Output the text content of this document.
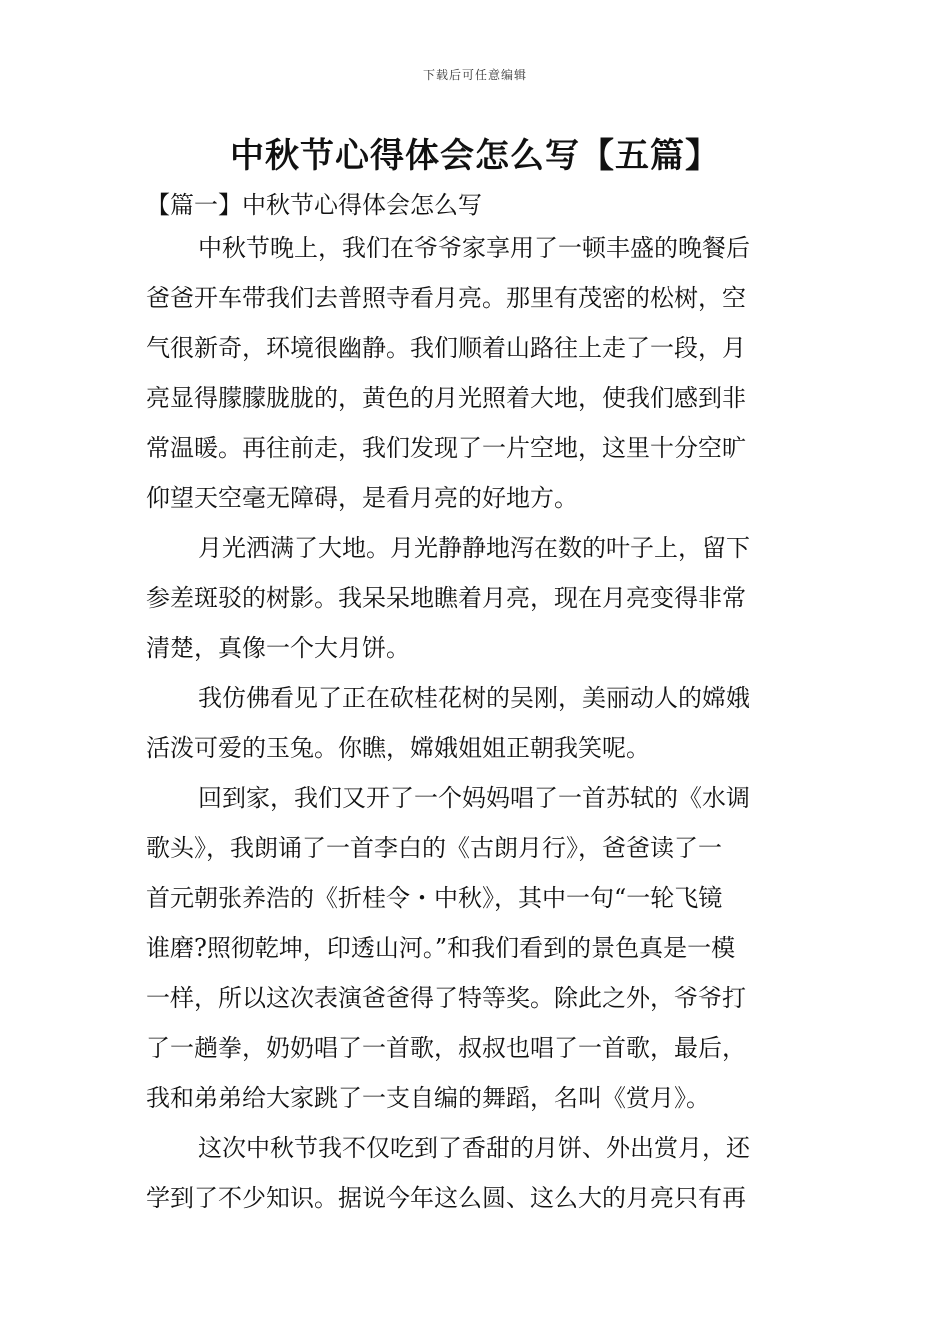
下载后可任意编辑
中秋节心得体会怎么写【五篇】
【篇一】中秋节心得体会怎么写
中秋节晚上，我们在爷爷家享用了一顿丰盛的晚餐后
爸爸开车带我们去普照寺看月亮。那里有茂密的松树，空
气很新奇，环境很幽静。我们顺着山路往上走了一段，月
亮显得朦朦胧胧的，黄色的月光照着大地，使我们感到非
常温暖。再往前走，我们发现了一片空地，这里十分空旷
仰望天空毫无障碍，是看月亮的好地方。
月光洒满了大地。月光静静地泻在数的叶子上，留下
参差斑驳的树影。我呆呆地瞧着月亮，现在月亮变得非常
清楚，真像一个大月饼。
我仿佛看见了正在砍桂花树的吴刚，美丽动人的嫦娥
活泼可爱的玉兔。你瞧，嫦娥姐姐正朝我笑呢。
回到家，我们又开了一个妈妈唱了一首苏轼的《水调
歌头》，我朗诵了一首李白的《古朗月行》，爸爸读了一
首元朝张养浩的《折桂令・中秋》，其中一句“一轮飞镜
谁磨?照彻乾坤，印透山河。”和我们看到的景色真是一模
一样，所以这次表演爸爸得了特等奖。除此之外，爷爷打
了一趟拳，奶奶唱了一首歌，叔叔也唱了一首歌，最后，
我和弟弟给大家跳了一支自编的舞蹈，名叫《赏月》。
这次中秋节我不仅吃到了香甜的月饼、外出赏月，还
学到了不少知识。据说今年这么圆、这么大的月亮只有再
